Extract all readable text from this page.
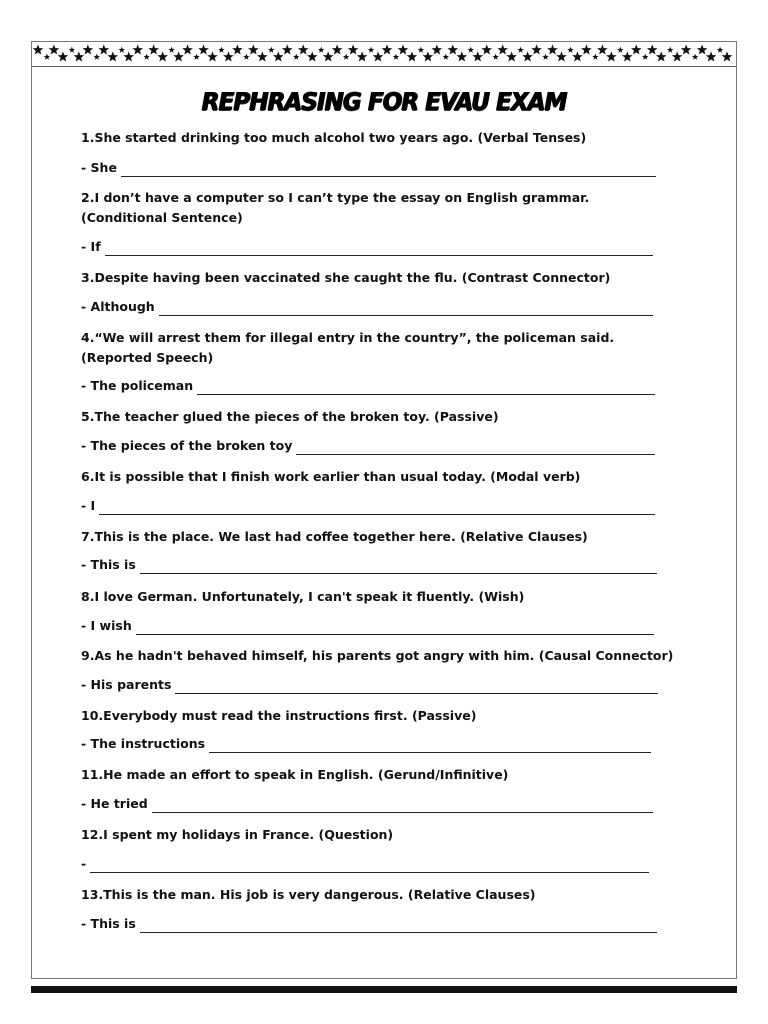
REPHRASING FOR EVAU EXAM
1.She started drinking too much alcohol two years ago. (Verbal Tenses)
- She
2.I don’t have a computer so I can’t type the essay on English grammar.
(Conditional Sentence)
- If
3.Despite having been vaccinated she caught the flu. (Contrast Connector)
- Although
4.“We will arrest them for illegal entry in the country”, the policeman said.
(Reported Speech)
- The policeman
5.The teacher glued the pieces of the broken toy. (Passive)
- The pieces of the broken toy
6.It is possible that I finish work earlier than usual today. (Modal verb)
- I
7.This is the place. We last had coffee together here. (Relative Clauses)
- This is
8.I love German. Unfortunately, I can't speak it fluently. (Wish)
- I wish
9.As he hadn't behaved himself, his parents got angry with him. (Causal Connector)
- His parents
10.Everybody must read the instructions first. (Passive)
- The instructions
11.He made an effort to speak in English. (Gerund/Infinitive)
- He tried
12.I spent my holidays in France. (Question)
-
13.This is the man. His job is very dangerous. (Relative Clauses)
- This is
